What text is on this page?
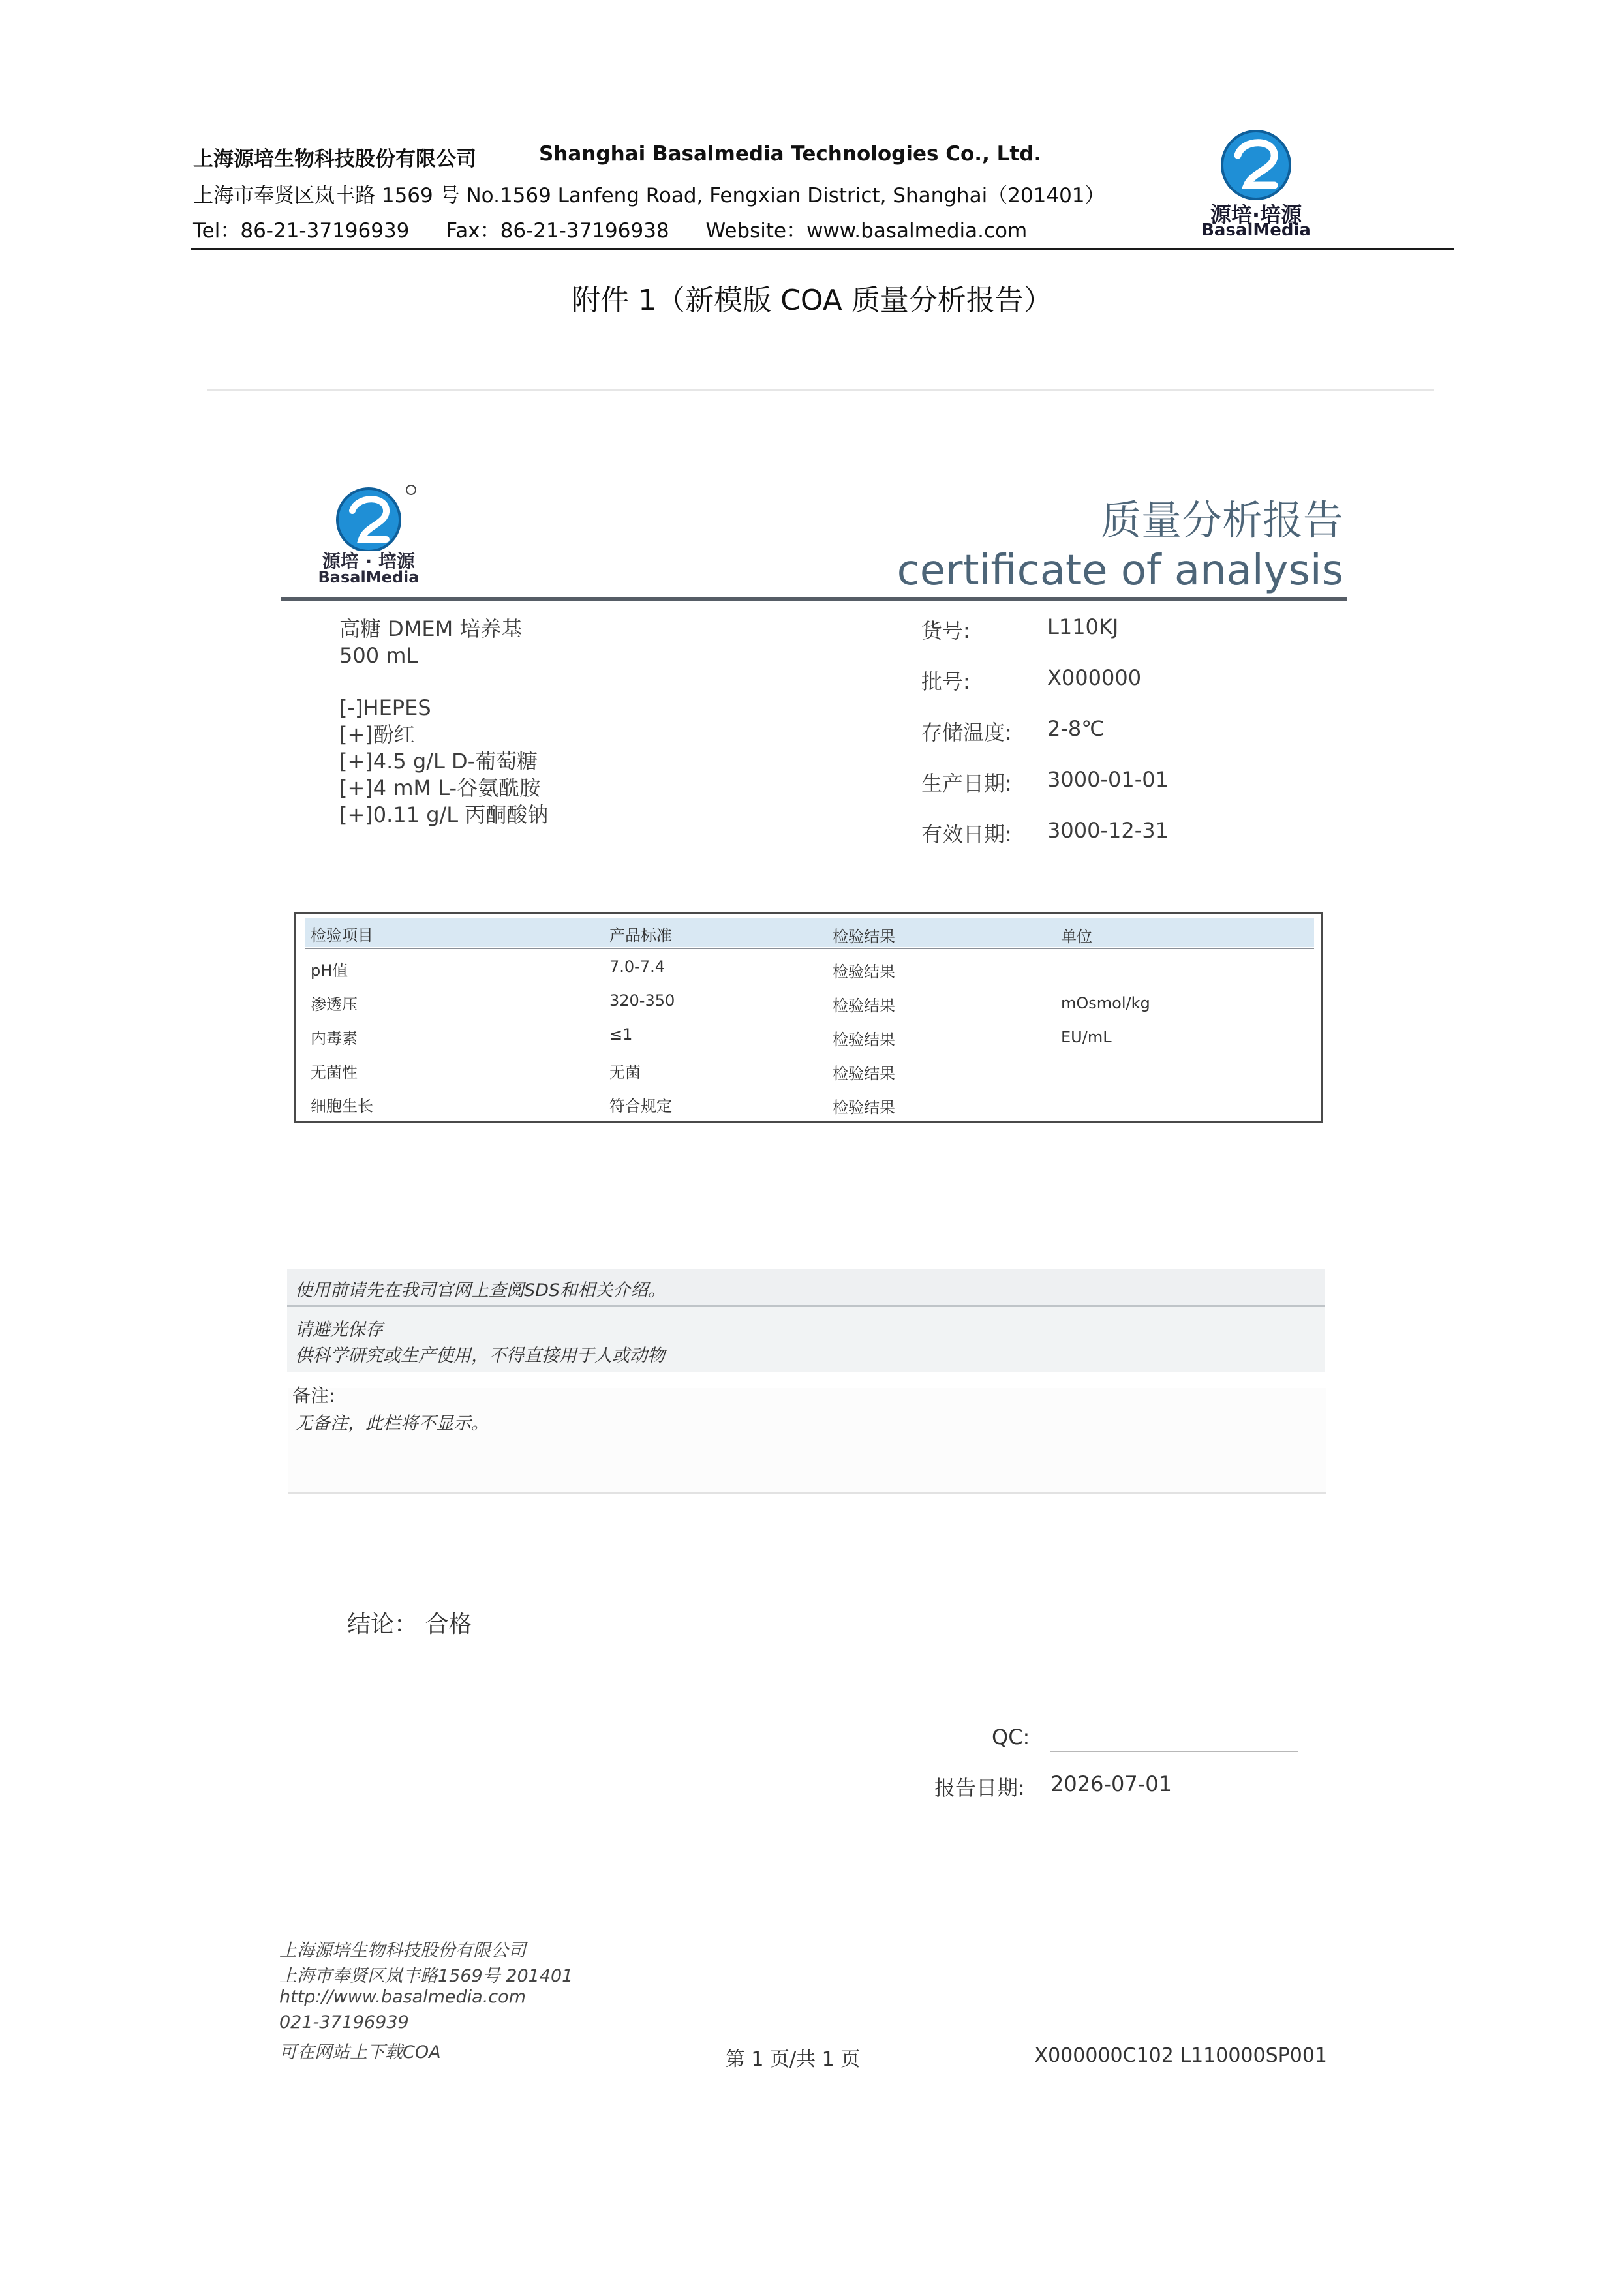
上海源培生物科技股份有限公司	Shanghai Basalmedia Technologies Co., Ltd.
上海市奉贤区岚丰路 1569 号 No.1569 Lanfeng Road, Fengxian District, Shanghai（201401）
Tel：86-21-37196939 Fax：86-21-37196938 Website：www.basalmedia.com
源培·培源
BasalMedia
附件 1（新模版 COA 质量分析报告）
源培 · 培源
BasalMedia
质量分析报告
certificate of analysis
高糖 DMEM 培养基
500 mL
[-]HEPES
[+]酚红
[+]4.5 g/L D-葡萄糖
[+]4 mM L-谷氨酰胺
[+]0.11 g/L 丙酮酸钠
货号:	L110KJ
批号:	X000000
存储温度: 2-8℃
生产日期: 3000-01-01
有效日期: 3000-12-31
检验项目	产品标准	检验结果	单位
pH值	7.0-7.4	检验结果
渗透压	320-350	检验结果	mOsmol/kg
内毒素	≤1	检验结果	EU/mL
无菌性	无菌	检验结果
细胞生长	符合规定	检验结果
使用前请先在我司官网上查阅SDS和相关介绍。
请避光保存
供科学研究或生产使用，不得直接用于人或动物
备注:
无备注，此栏将不显示。
结论： 合格
QC:
报告日期: 2026-07-01
上海源培生物科技股份有限公司
上海市奉贤区岚丰路1569号 201401
http://www.basalmedia.com
021-37196939
可在网站上下载COA	第 1 页/共 1 页	X000000C102 L110000SP001
